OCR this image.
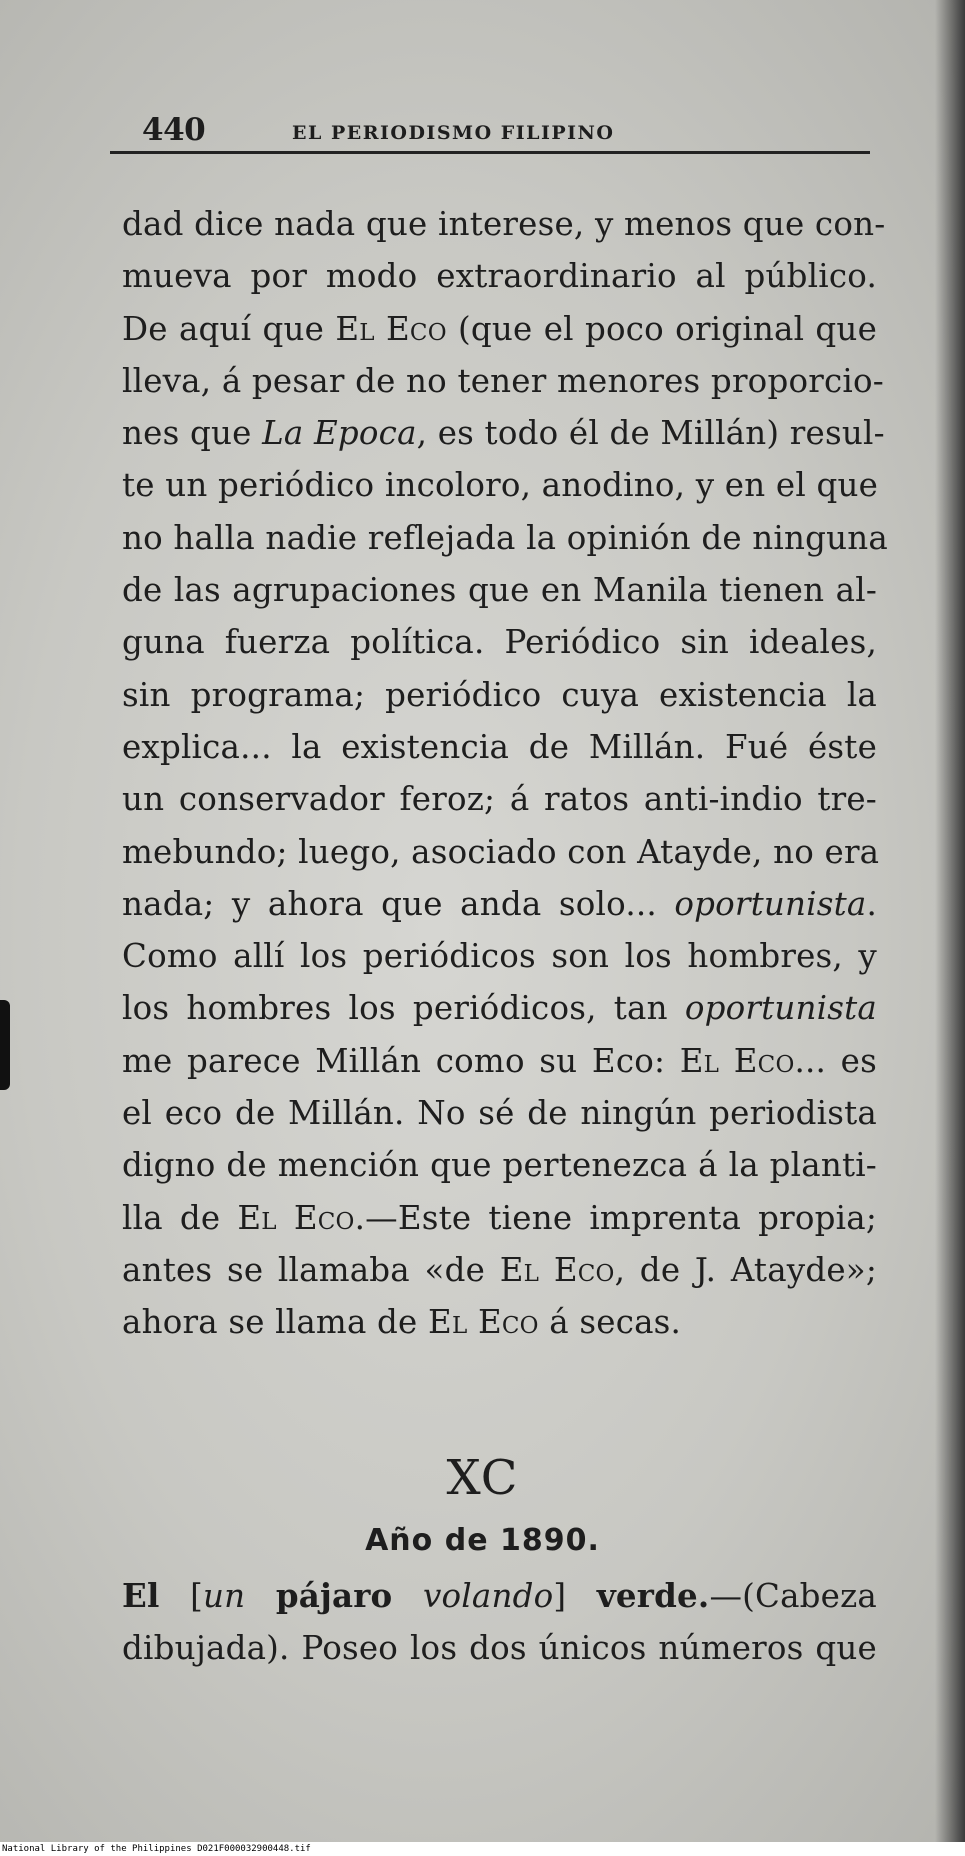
440	EL PERIODISMO FILIPINO
dad dice nada que interese, y menos que con-
mueva por modo extraordinario al público.
De aquí que El Eco (que el poco original que
lleva, á pesar de no tener menores proporcio-
nes que La Epoca, es todo él de Millán) resul-
te un periódico incoloro, anodino, y en el que
no halla nadie reflejada la opinión de ninguna
de las agrupaciones que en Manila tienen al-
guna fuerza política. Periódico sin ideales,
sin programa; periódico cuya existencia la
explica... la existencia de Millán. Fué éste
un conservador feroz; á ratos anti-indio tre-
mebundo; luego, asociado con Atayde, no era
nada; y ahora que anda solo... oportunista.
Como allí los periódicos son los hombres, y
los hombres los periódicos, tan oportunista
me parece Millán como su Eco: El Eco... es
el eco de Millán. No sé de ningún periodista
digno de mención que pertenezca á la planti-
lla de El Eco.—Este tiene imprenta propia;
antes se llamaba «de El Eco, de J. Atayde»;
ahora se llama de El Eco á secas.
XC
Año de 1890.
El [un pájaro volando] verde.—(Cabeza
dibujada). Poseo los dos únicos números que
National Library of the Philippines D021F000032900448.tif
